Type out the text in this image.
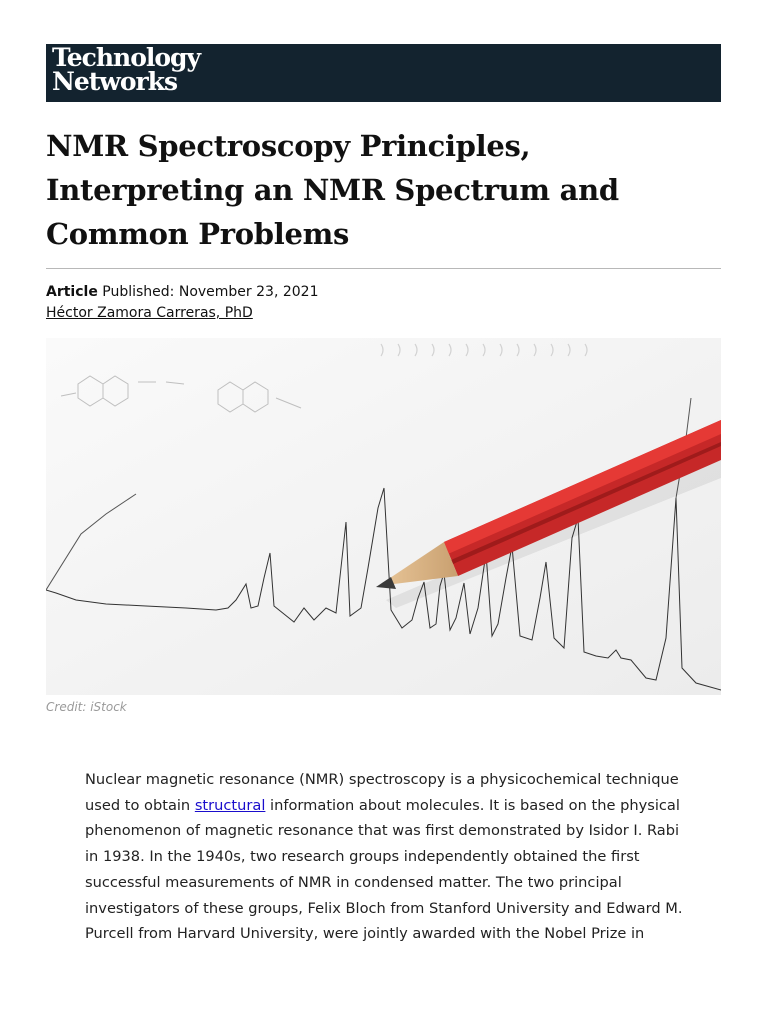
Technology
Networks
NMR Spectroscopy Principles, Interpreting an NMR Spectrum and Common Problems
Article Published: November 23, 2021
Héctor Zamora Carreras, PhD
Credit: iStock

Nuclear magnetic resonance (NMR) spectroscopy is a physicochemical technique used to obtain structural information about molecules. It is based on the physical phenomenon of magnetic resonance that was first demonstrated by Isidor I. Rabi in 1938. In the 1940s, two research groups independently obtained the first successful measurements of NMR in condensed matter. The two principal investigators of these groups, Felix Bloch from Stanford University and Edward M. Purcell from Harvard University, were jointly awarded with the Nobel Prize in
